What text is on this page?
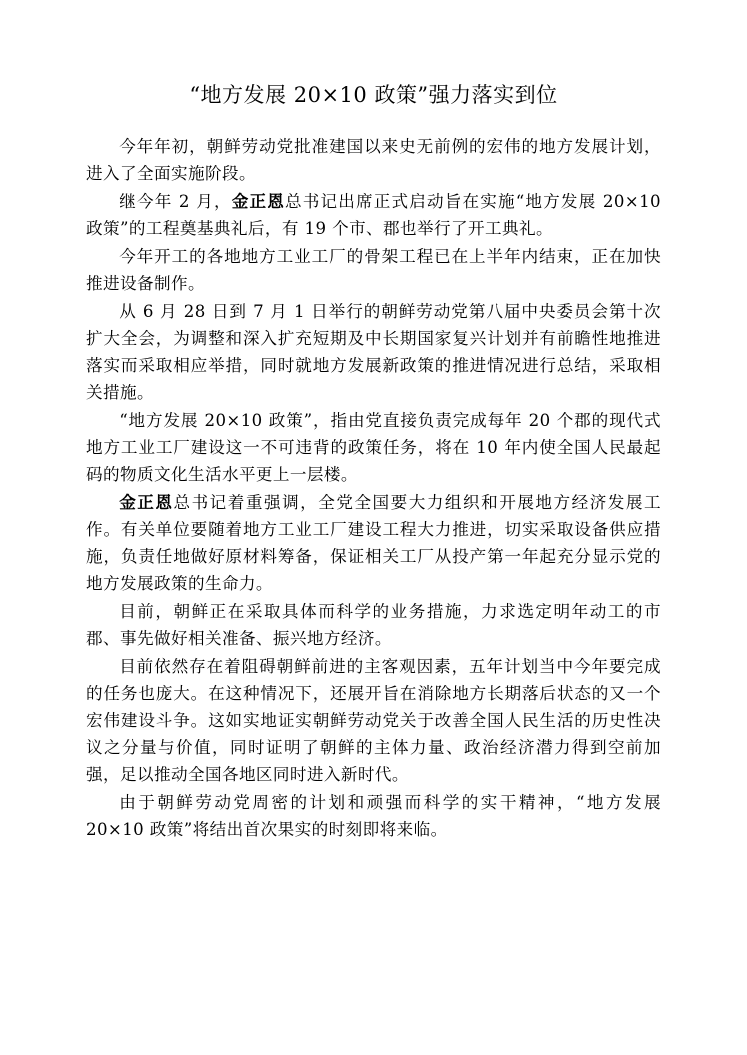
“地方发展 20×10 政策”强力落实到位

今年年初，朝鲜劳动党批准建国以来史无前例的宏伟的地方发展计划，进入了全面实施阶段。

继今年 2 月，金正恩总书记出席正式启动旨在实施“地方发展 20×10 政策”的工程奠基典礼后，有 19 个市、郡也举行了开工典礼。

今年开工的各地地方工业工厂的骨架工程已在上半年内结束，正在加快推进设备制作。

从 6 月 28 日到 7 月 1 日举行的朝鲜劳动党第八届中央委员会第十次扩大全会，为调整和深入扩充短期及中长期国家复兴计划并有前瞻性地推进落实而采取相应举措，同时就地方发展新政策的推进情况进行总结，采取相关措施。

“地方发展 20×10 政策”，指由党直接负责完成每年 20 个郡的现代式地方工业工厂建设这一不可违背的政策任务，将在 10 年内使全国人民最起码的物质文化生活水平更上一层楼。

金正恩总书记着重强调，全党全国要大力组织和开展地方经济发展工作。有关单位要随着地方工业工厂建设工程大力推进，切实采取设备供应措施，负责任地做好原材料筹备，保证相关工厂从投产第一年起充分显示党的地方发展政策的生命力。

目前，朝鲜正在采取具体而科学的业务措施，力求选定明年动工的市郡、事先做好相关准备、振兴地方经济。

目前依然存在着阻碍朝鲜前进的主客观因素，五年计划当中今年要完成的任务也庞大。在这种情况下，还展开旨在消除地方长期落后状态的又一个宏伟建设斗争。这如实地证实朝鲜劳动党关于改善全国人民生活的历史性决议之分量与价值，同时证明了朝鲜的主体力量、政治经济潜力得到空前加强，足以推动全国各地区同时进入新时代。

由于朝鲜劳动党周密的计划和顽强而科学的实干精神，“地方发展 20×10 政策”将结出首次果实的时刻即将来临。
